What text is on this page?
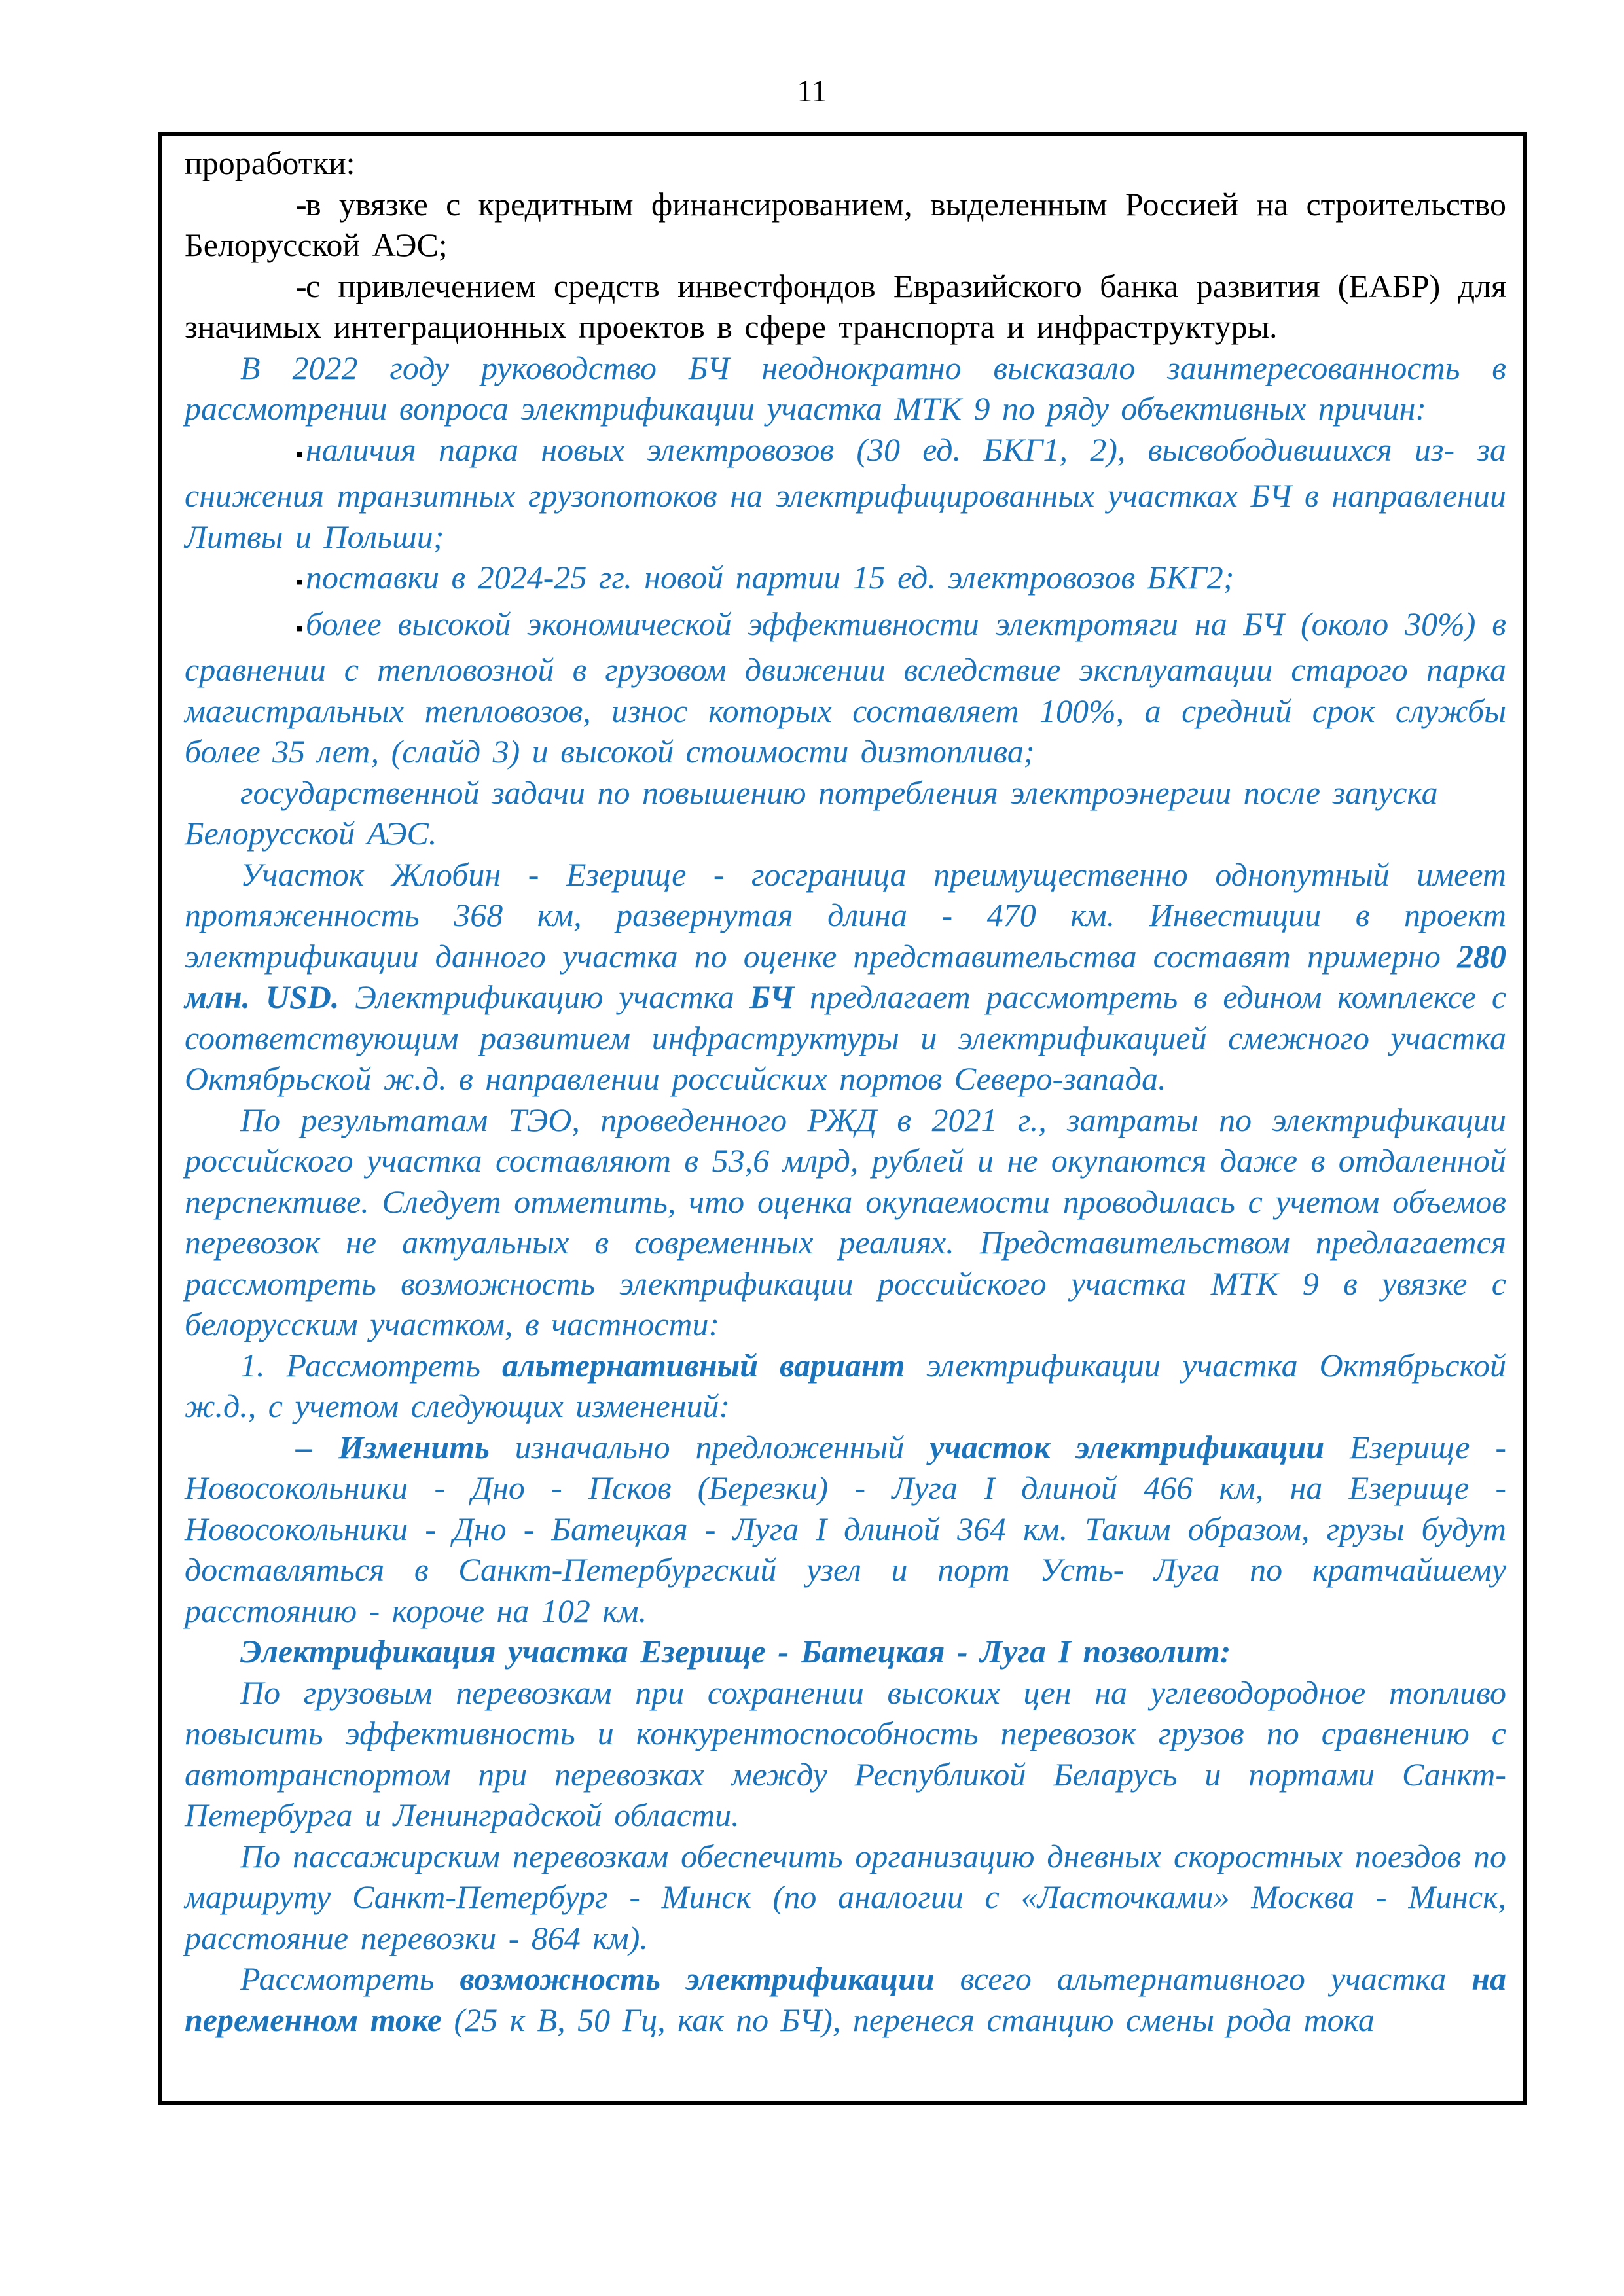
11

проработки:

-в увязке с кредитным финансированием, выделенным Россией на строительство Белорусской АЭС;

-с привлечением средств инвестфондов Евразийского банка развития (ЕАБР) для значимых интеграционных проектов в сфере транспорта и инфраструктуры.

В 2022 году руководство БЧ неоднократно высказало заинтересованность в рассмотрении вопроса электрификации участка МТК 9 по ряду объективных причин:

▪наличия парка новых электровозов (30 ед. БКГ1, 2), высвободившихся из- за снижения транзитных грузопотоков на электрифицированных участках БЧ в направлении Литвы и Польши;

▪поставки в 2024-25 гг. новой партии 15 ед. электровозов БКГ2;

▪более высокой экономической эффективности электротяги на БЧ (около 30%) в сравнении с тепловозной в грузовом движении вследствие эксплуатации старого парка магистральных тепловозов, износ которых составляет 100%, а средний срок службы более 35 лет, (слайд 3) и высокой стоимости дизтоплива;

государственной задачи по повышению потребления электроэнергии после запуска Белорусской АЭС.

Участок Жлобин - Езерище - госграница преимущественно однопутный имеет протяженность 368 км, развернутая длина - 470 км. Инвестиции в проект электрификации данного участка по оценке представительства составят примерно 280 млн. USD. Электрификацию участка БЧ предлагает рассмотреть в едином комплексе с соответствующим развитием инфраструктуры и электрификацией смежного участка Октябрьской ж.д. в направлении российских портов Северо-запада.

По результатам ТЭО, проведенного РЖД в 2021 г., затраты по электрификации российского участка составляют в 53,6 млрд, рублей и не окупаются даже в отдаленной перспективе. Следует отметить, что оценка окупаемости проводилась с учетом объемов перевозок не актуальных в современных реалиях. Представительством предлагается рассмотреть возможность электрификации российского участка МТК 9 в увязке с белорусским участком, в частности:

1. Рассмотреть альтернативный вариант электрификации участка Октябрьской ж.д., с учетом следующих изменений:

– Изменить изначально предложенный участок электрификации Езерище - Новосокольники - Дно - Псков (Березки) - Луга I длиной 466 км, на Езерище - Новосокольники - Дно - Батецкая - Луга I длиной 364 км. Таким образом, грузы будут доставляться в Санкт-Петербургский узел и порт Усть- Луга по кратчайшему расстоянию - короче на 102 км.

Электрификация участка Езерище - Батецкая - Луга I позволит:

По грузовым перевозкам при сохранении высоких цен на углеводородное топливо повысить эффективность и конкурентоспособность перевозок грузов по сравнению с автотранспортом при перевозках между Республикой Беларусь и портами Санкт-Петербурга и Ленинградской области.

По пассажирским перевозкам обеспечить организацию дневных скоростных поездов по маршруту Санкт-Петербург - Минск (по аналогии с «Ласточками» Москва - Минск, расстояние перевозки - 864 км).

Рассмотреть возможность электрификации всего альтернативного участка на переменном токе (25 к В, 50 Гц, как по БЧ), перенеся станцию смены рода тока
